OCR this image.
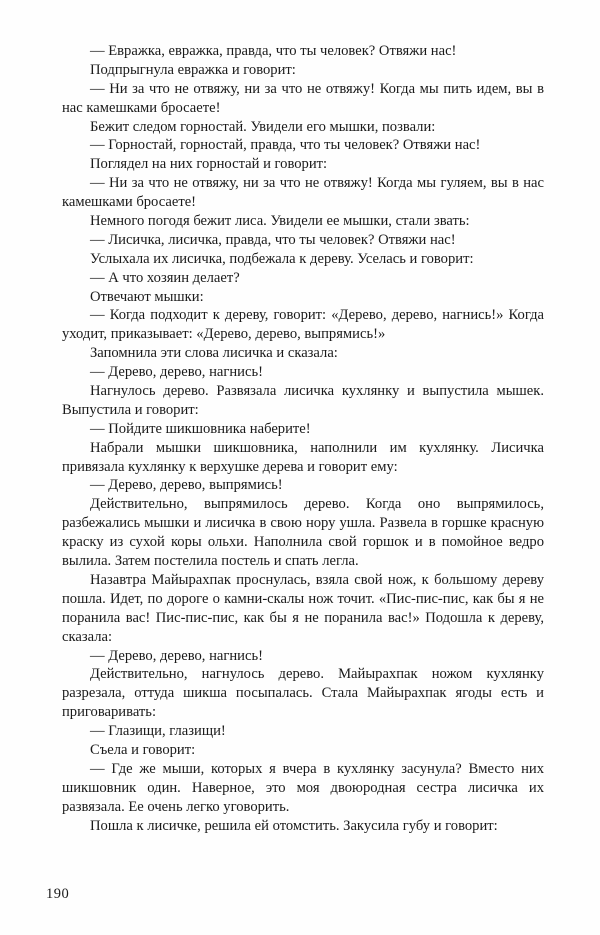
— Евражка, евражка, правда, что ты человек? Отвяжи нас!

Подпрыгнула евражка и говорит:

— Ни за что не отвяжу, ни за что не отвяжу! Когда мы пить идем, вы в нас камешками бросаете!

Бежит следом горностай. Увидели его мышки, позвали:

— Горностай, горностай, правда, что ты человек? Отвяжи нас!

Поглядел на них горностай и говорит:

— Ни за что не отвяжу, ни за что не отвяжу! Когда мы гуляем, вы в нас камешками бросаете!

Немного погодя бежит лиса. Увидели ее мышки, стали звать:

— Лисичка, лисичка, правда, что ты человек? Отвяжи нас!

Услыхала их лисичка, подбежала к дереву. Уселась и говорит:

— А что хозяин делает?

Отвечают мышки:

— Когда подходит к дереву, говорит: «Дерево, дерево, нагнись!» Когда уходит, приказывает: «Дерево, дерево, выпрямись!»

Запомнила эти слова лисичка и сказала:

— Дерево, дерево, нагнись!

Нагнулось дерево. Развязала лисичка кухлянку и выпустила мышек. Выпустила и говорит:

— Пойдите шикшовника наберите!

Набрали мышки шикшовника, наполнили им кухлянку. Лисичка привязала кухлянку к верхушке дерева и говорит ему:

— Дерево, дерево, выпрямись!

Действительно, выпрямилось дерево. Когда оно выпрямилось, разбежались мышки и лисичка в свою нору ушла. Развела в горшке красную краску из сухой коры ольхи. Наполнила свой горшок и в помойное ведро вылила. Затем постелила постель и спать легла.

Назавтра Майырахпак проснулась, взяла свой нож, к большому дереву пошла. Идет, по дороге о камни-скалы нож точит. «Пис-пис-пис, как бы я не поранила вас! Пис-пис-пис, как бы я не поранила вас!» Подошла к дереву, сказала:

— Дерево, дерево, нагнись!

Действительно, нагнулось дерево. Майырахпак ножом кухлянку разрезала, оттуда шикша посыпалась. Стала Майырахпак ягоды есть и приговаривать:

— Глазищи, глазищи!

Съела и говорит:

— Где же мыши, которых я вчера в кухлянку засунула? Вместо них шикшовник один. Наверное, это моя двоюродная сестра лисичка их развязала. Ее очень легко уговорить.

Пошла к лисичке, решила ей отомстить. Закусила губу и говорит:

190
